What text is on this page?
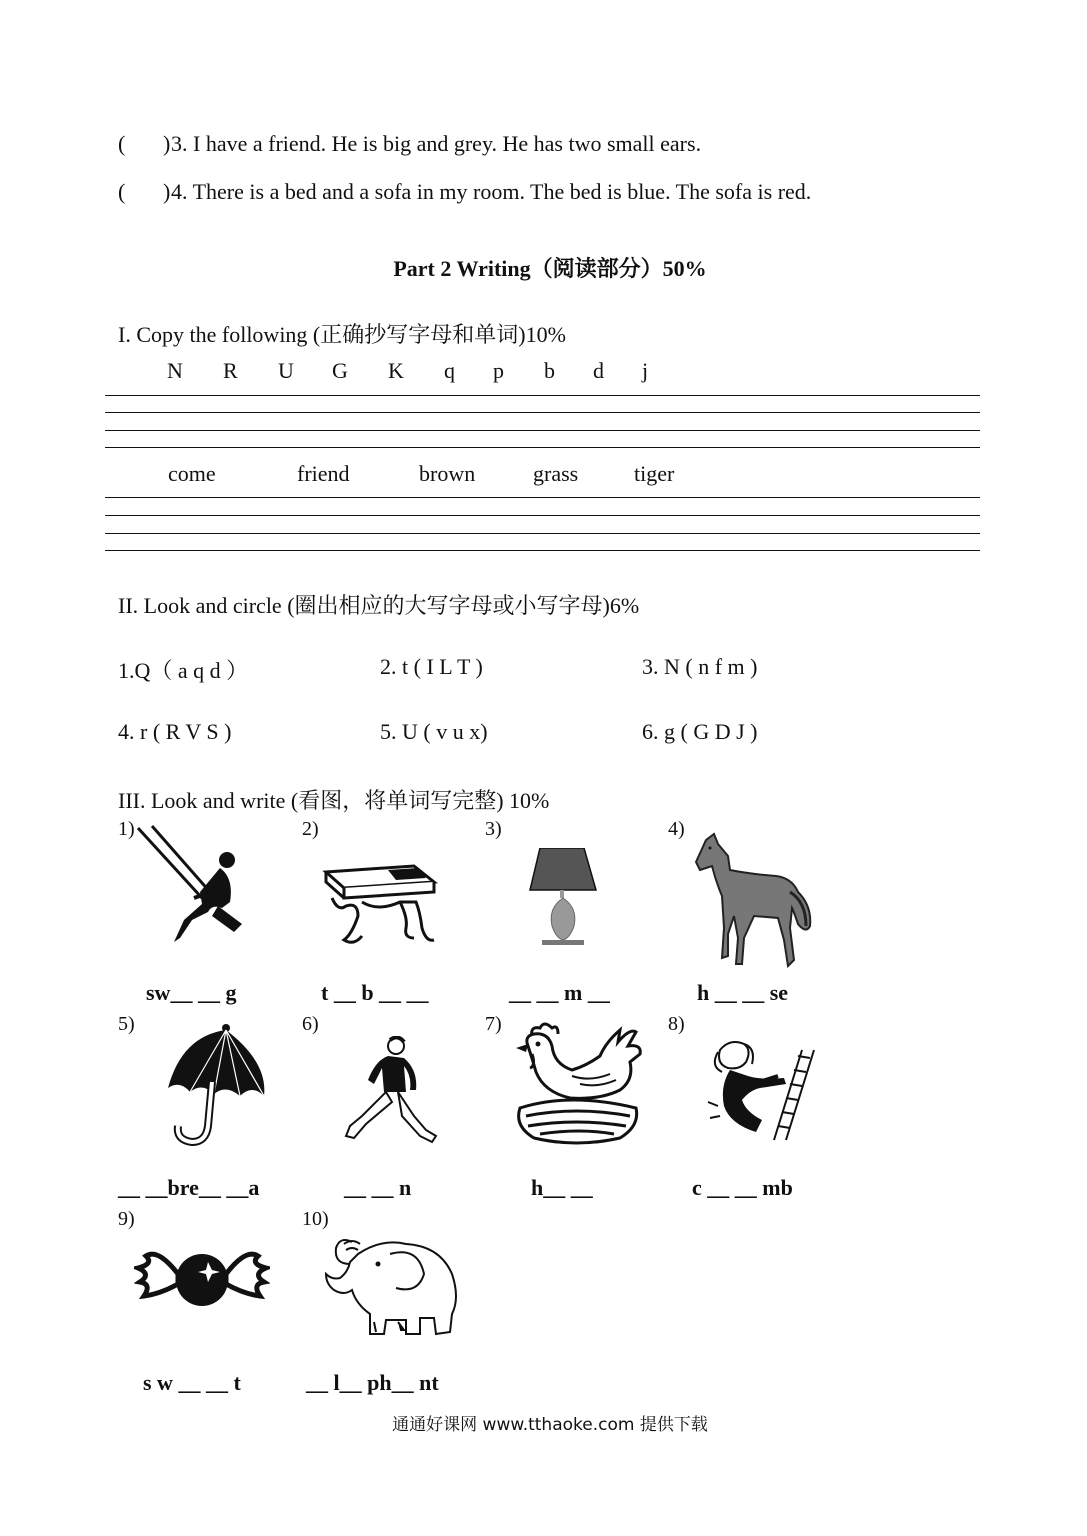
( ) 3. I have a friend. He is big and grey. He has two small ears.
( ) 4. There is a bed and a sofa in my room. The bed is blue. The sofa is red.
Part 2 Writing（阅读部分）50%
I. Copy the following (正确抄写字母和单词)10%
N R U G K q p b d j
come	friend	brown	grass	tiger
II. Look and circle (圈出相应的大写字母或小写字母)6%
1.Q（ a q d ）	2. t ( I L T )	3. N ( n f m )
4. r ( R V S )	5. U ( v u x)	6. g ( G D J )
III. Look and write (看图，将单词写完整) 10%
1)	2)	3)	4)
sw__ __ g	t __ b __ __	__ __ m __	h __ __ se
5)	6)	7)	8)
__ __bre__ __a	__ __ n	h__ __	c __ __ mb
9)	10)
s w __ __ t	__ l__ ph__ nt
通通好课网 www.tthaoke.com 提供下载
